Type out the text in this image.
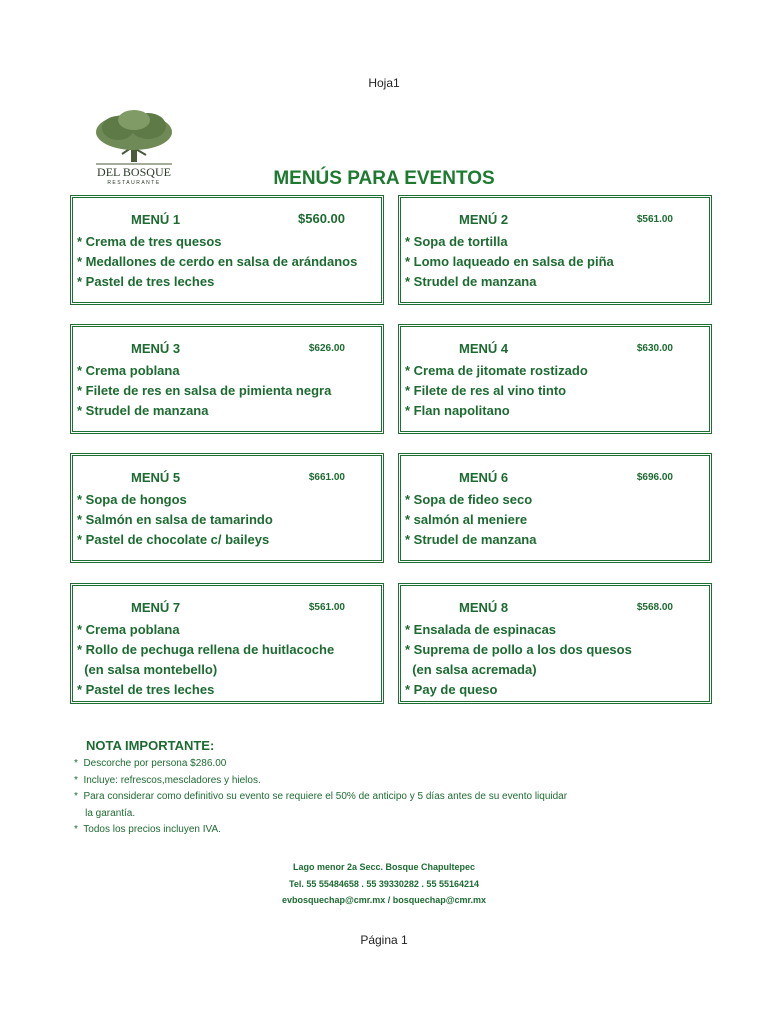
Hoja1
DEL BOSQUE
RESTAURANTE	MENÚS PARA EVENTOS
MENÚ 1	$560.00
* Crema de tres quesos
* Medallones de cerdo en salsa de arándanos
* Pastel de tres leches
MENÚ 2	$561.00
* Sopa de tortilla
* Lomo laqueado en salsa de piña
* Strudel de manzana
MENÚ 3	$626.00
* Crema poblana
* Filete de res en salsa de pimienta negra
* Strudel de manzana
MENÚ 4	$630.00
* Crema de jitomate rostizado
* Filete de res al vino tinto
* Flan napolitano
MENÚ 5	$661.00
* Sopa de hongos
* Salmón en salsa de tamarindo
* Pastel de chocolate c/ baileys
MENÚ 6	$696.00
* Sopa de fideo seco
* salmón al meniere
* Strudel de manzana
MENÚ 7	$561.00
* Crema poblana
* Rollo de pechuga rellena de huitlacoche
(en salsa montebello)
* Pastel de tres leches
MENÚ 8	$568.00
* Ensalada de espinacas
* Suprema de pollo a los dos quesos
(en salsa acremada)
* Pay de queso
NOTA IMPORTANTE:
*  Descorche por persona $286.00
*  Incluye: refrescos,mescladores y hielos.
*  Para considerar como definitivo su evento se requiere el 50% de anticipo y 5 días antes de su evento liquidar
la garantía.
*  Todos los precios incluyen IVA.
Lago menor 2a Secc. Bosque Chapultepec
Tel. 55 55484658 . 55 39330282 . 55 55164214
evbosquechap@cmr.mx / bosquechap@cmr.mx
Página 1
